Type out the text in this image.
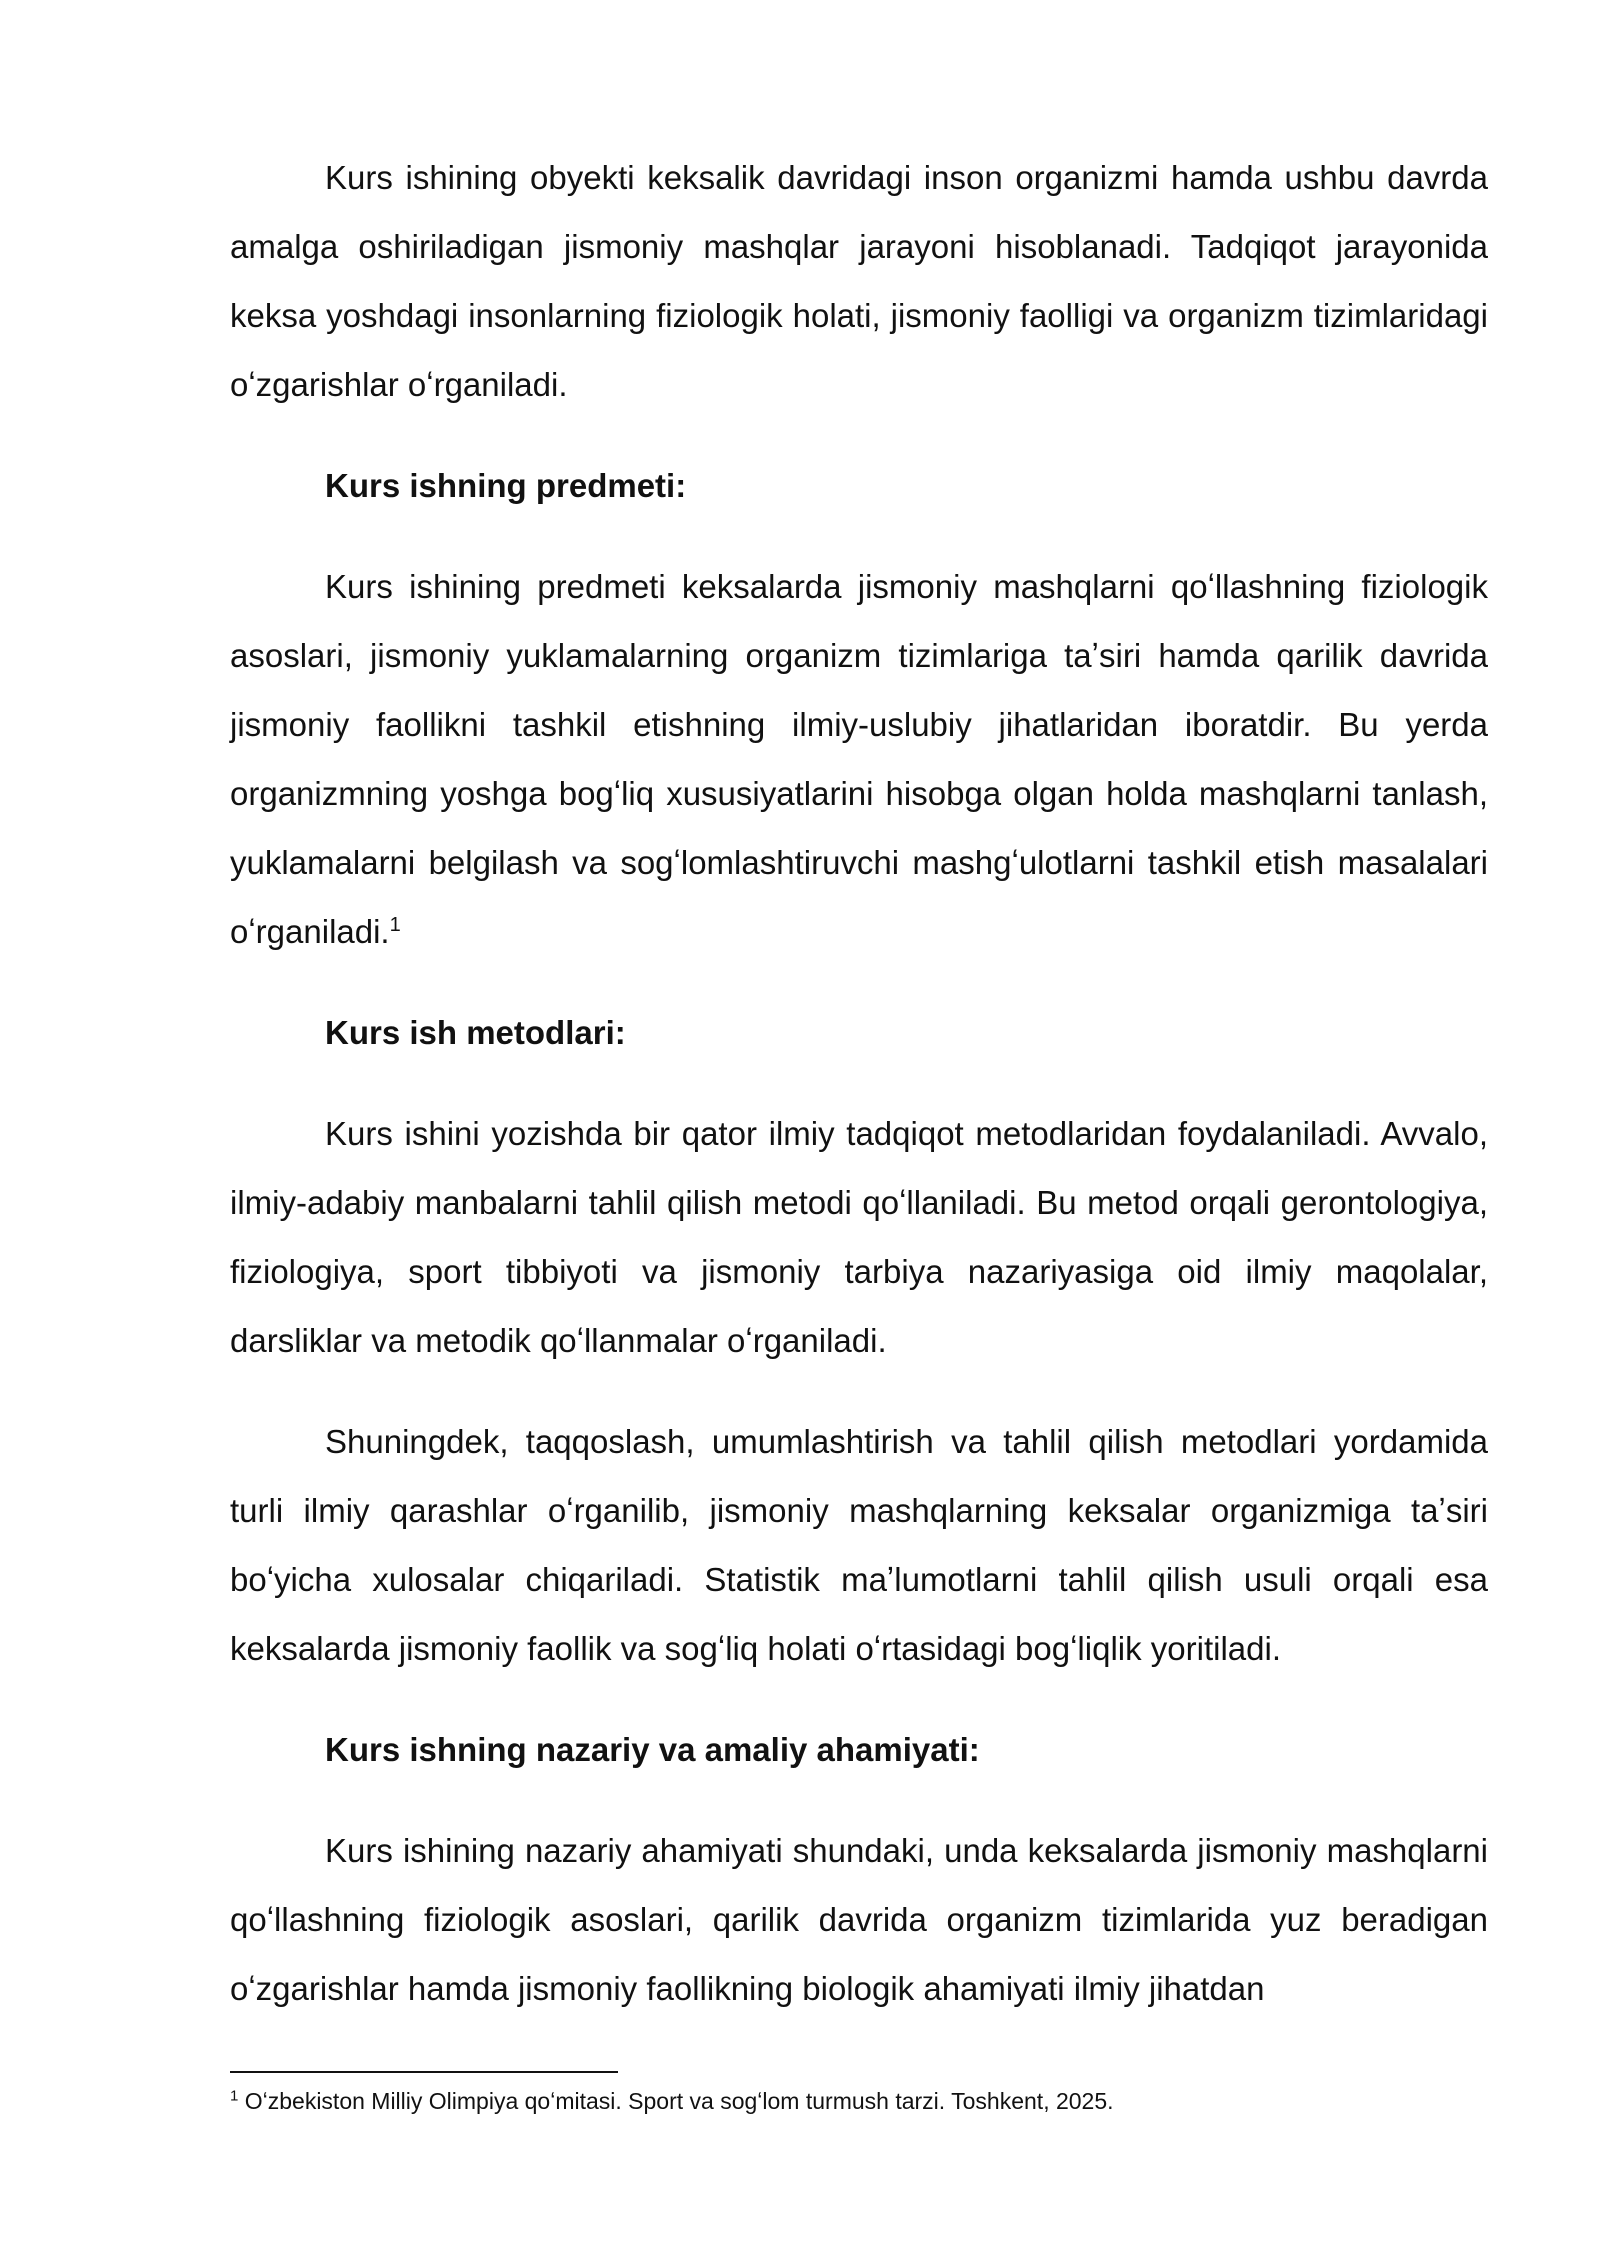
Kurs ishining obyekti keksalik davridagi inson organizmi hamda ushbu davrda amalga oshiriladigan jismoniy mashqlar jarayoni hisoblanadi. Tadqiqot jarayonida keksa yoshdagi insonlarning fiziologik holati, jismoniy faolligi va organizm tizimlaridagi oʻzgarishlar oʻrganiladi.

Kurs ishning predmeti:

Kurs ishining predmeti keksalarda jismoniy mashqlarni qoʻllashning fiziologik asoslari, jismoniy yuklamalarning organizm tizimlariga taʼsiri hamda qarilik davrida jismoniy faollikni tashkil etishning ilmiy-uslubiy jihatlaridan iboratdir. Bu yerda organizmning yoshga bogʻliq xususiyatlarini hisobga olgan holda mashqlarni tanlash, yuklamalarni belgilash va sogʻlomlashtiruvchi mashgʻulotlarni tashkil etish masalalari oʻrganiladi.$^1$

Kurs ish metodlari:

Kurs ishini yozishda bir qator ilmiy tadqiqot metodlaridan foydalaniladi. Avvalo, ilmiy-adabiy manbalarni tahlil qilish metodi qoʻllaniladi. Bu metod orqali gerontologiya, fiziologiya, sport tibbiyoti va jismoniy tarbiya nazariyasiga oid ilmiy maqolalar, darsliklar va metodik qoʻllanmalar oʻrganiladi.

Shuningdek, taqqoslash, umumlashtirish va tahlil qilish metodlari yordamida turli ilmiy qarashlar oʻrganilib, jismoniy mashqlarning keksalar organizmiga taʼsiri boʻyicha xulosalar chiqariladi. Statistik maʼlumotlarni tahlil qilish usuli orqali esa keksalarda jismoniy faollik va sogʻliq holati oʻrtasidagi bogʻliqlik yoritiladi.

Kurs ishning nazariy va amaliy ahamiyati:

Kurs ishining nazariy ahamiyati shundaki, unda keksalarda jismoniy mashqlarni qoʻllashning fiziologik asoslari, qarilik davrida organizm tizimlarida yuz beradigan oʻzgarishlar hamda jismoniy faollikning biologik ahamiyati ilmiy jihatdan

$^1$ Oʻzbekiston Milliy Olimpiya qoʻmitasi. Sport va sogʻlom turmush tarzi. Toshkent, 2025.
